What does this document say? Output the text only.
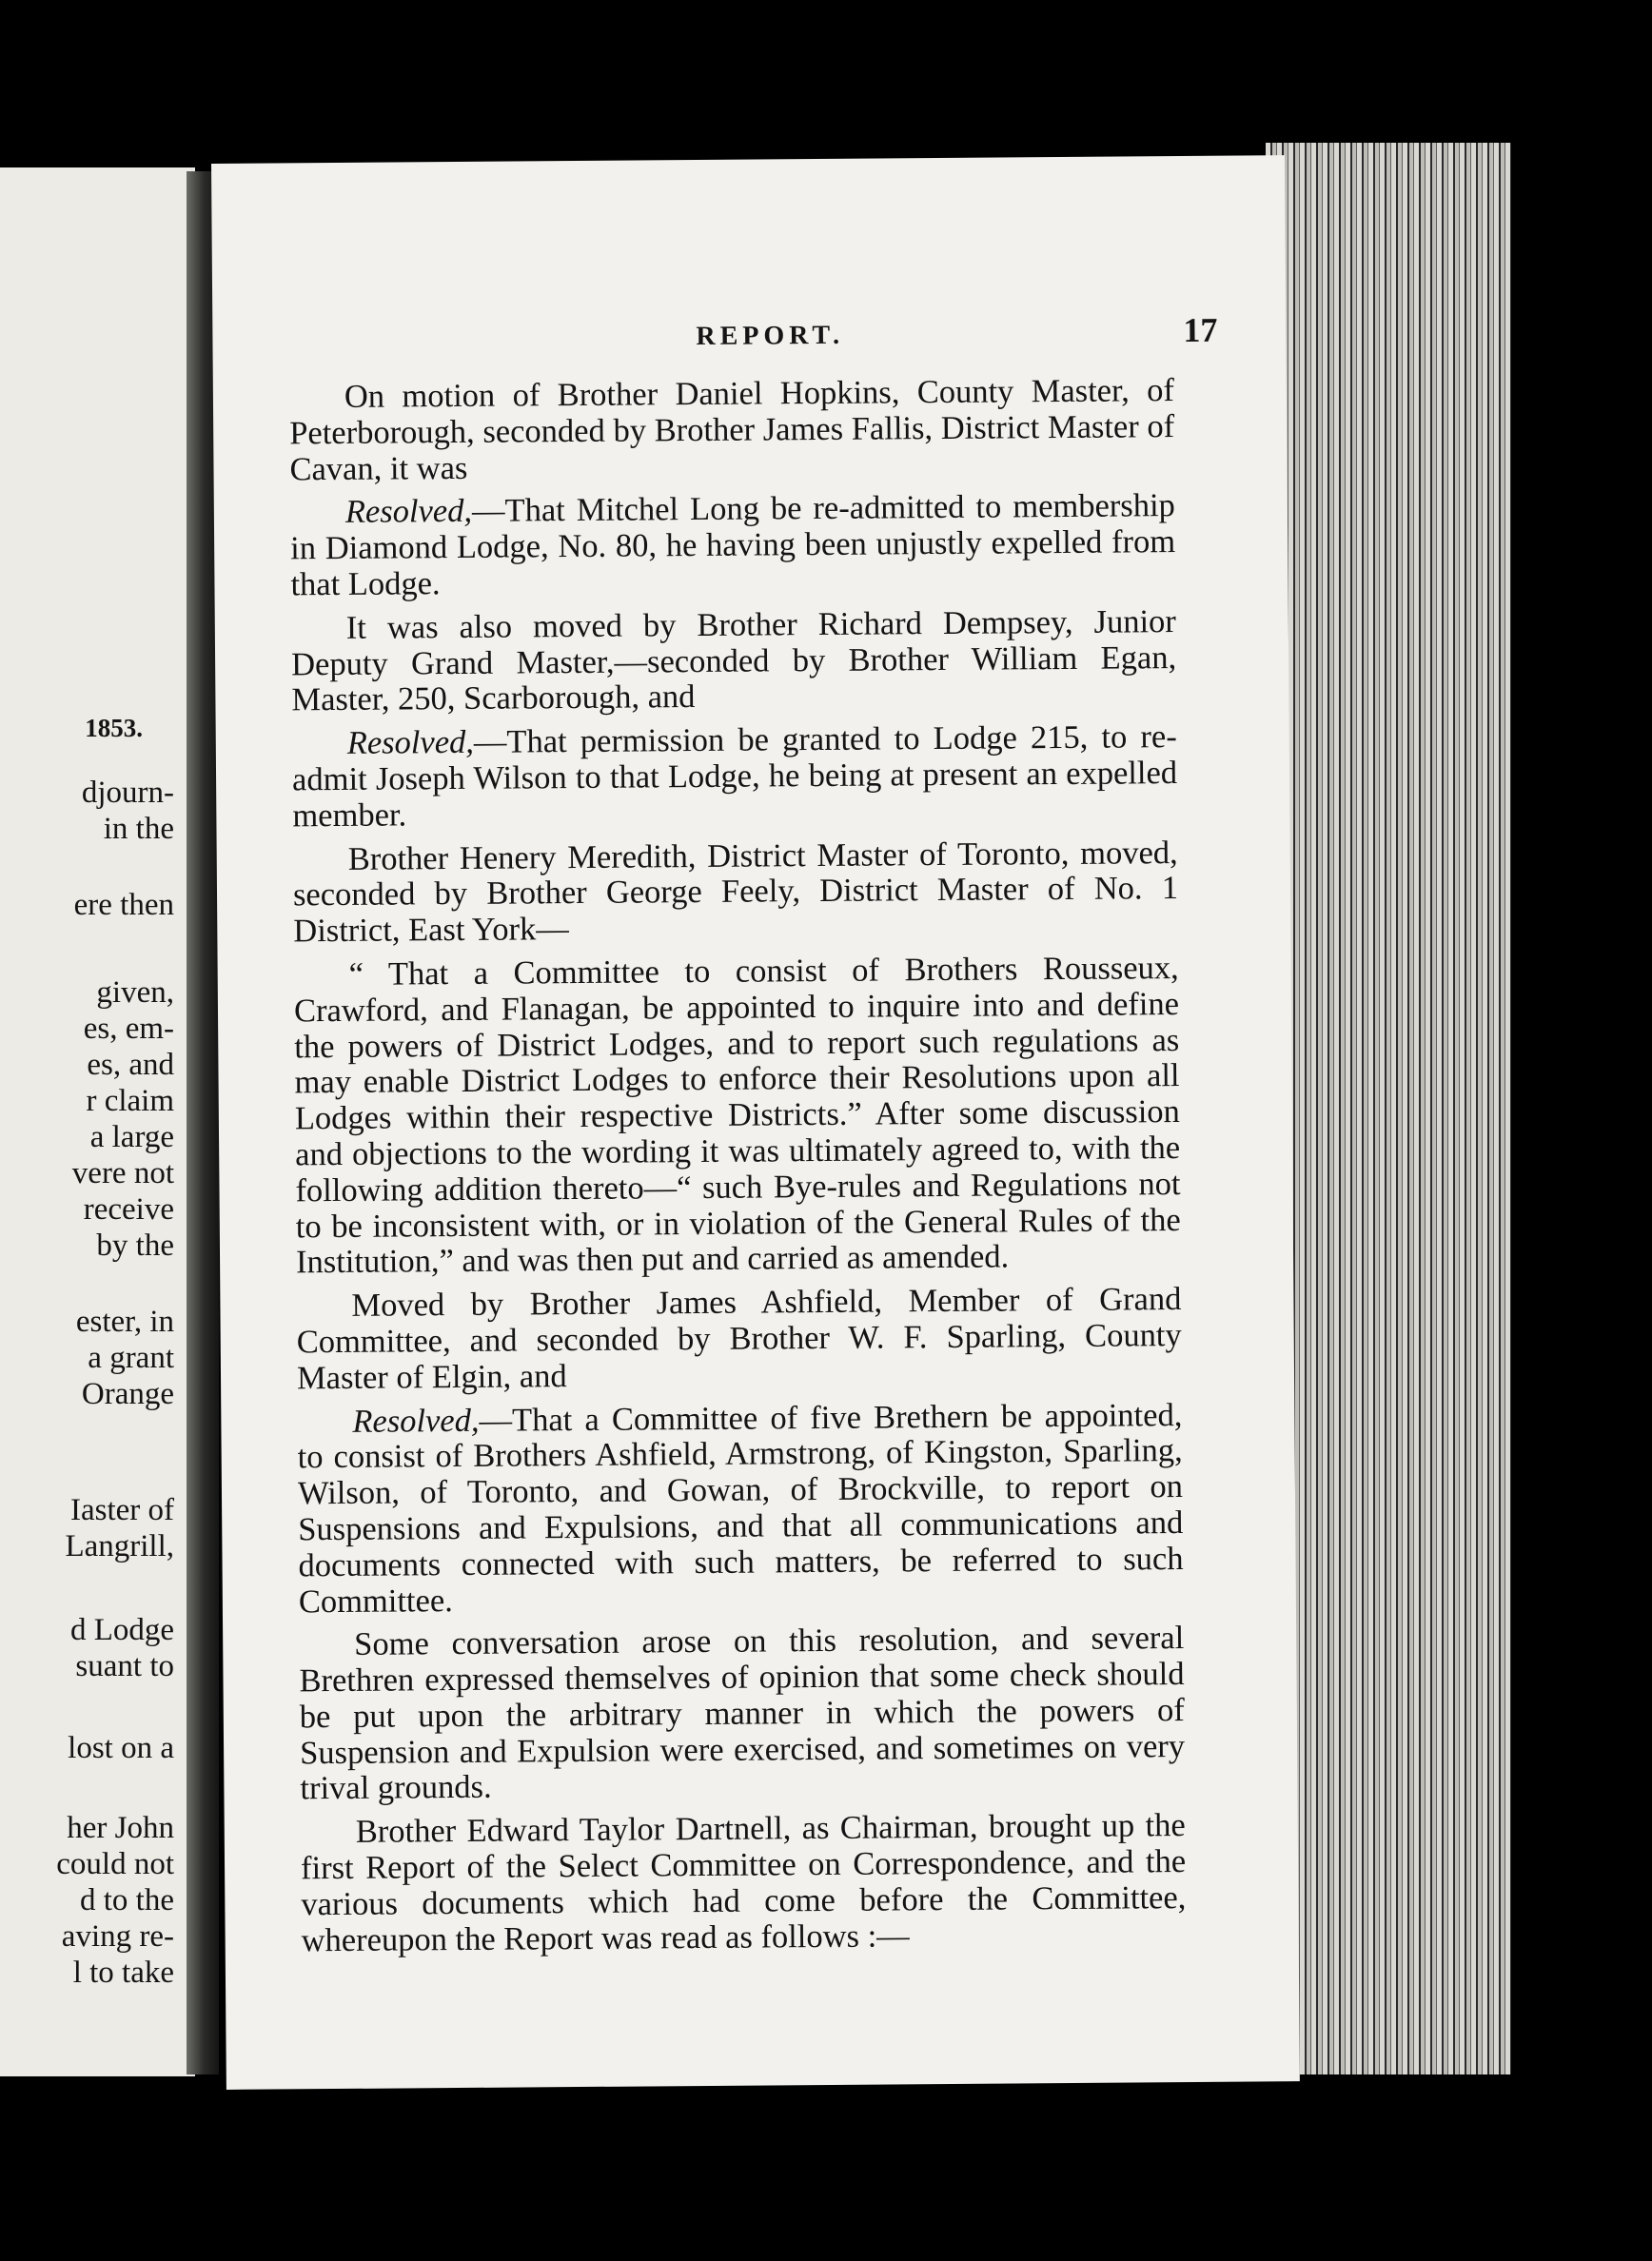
1853.
djourn-
in the
ere then
given,
es, em-
es, and
r claim
a large
vere not
receive
by the
ester, in
a grant
Orange
Iaster of
Langrill,
d Lodge
suant to
lost on a
her John
could not
d to the
aving re-
l to take
REPORT.	17

On motion of Brother Daniel Hopkins, County Master, of Peterborough, seconded by Brother James Fallis, District Master of Cavan, it was

Resolved,—That Mitchel Long be re-admitted to membership in Diamond Lodge, No. 80, he having been unjustly expelled from that Lodge.

It was also moved by Brother Richard Dempsey, Junior Deputy Grand Master,—seconded by Brother William Egan, Master, 250, Scarborough, and

Resolved,—That permission be granted to Lodge 215, to re-admit Joseph Wilson to that Lodge, he being at present an expelled member.

Brother Henery Meredith, District Master of Toronto, moved, seconded by Brother George Feely, District Master of No. 1 District, East York—

“ That a Committee to consist of Brothers Rousseux, Crawford, and Flanagan, be appointed to inquire into and define the powers of District Lodges, and to report such regulations as may enable District Lodges to enforce their Resolutions upon all Lodges within their respective Districts.” After some discussion and objections to the wording it was ultimately agreed to, with the following addition thereto—“ such Bye-rules and Regulations not to be inconsistent with, or in violation of the General Rules of the Institution,” and was then put and carried as amended.

Moved by Brother James Ashfield, Member of Grand Committee, and seconded by Brother W. F. Sparling, County Master of Elgin, and

Resolved,—That a Committee of five Brethern be appointed, to consist of Brothers Ashfield, Armstrong, of Kingston, Sparling, Wilson, of Toronto, and Gowan, of Brockville, to report on Suspensions and Expulsions, and that all communications and documents connected with such matters, be referred to such Committee.

Some conversation arose on this resolution, and several Brethren expressed themselves of opinion that some check should be put upon the arbitrary manner in which the powers of Suspension and Expulsion were exercised, and sometimes on very trival grounds.

Brother Edward Taylor Dartnell, as Chairman, brought up the first Report of the Select Committee on Correspondence, and the various documents which had come before the Committee, whereupon the Report was read as follows :—
